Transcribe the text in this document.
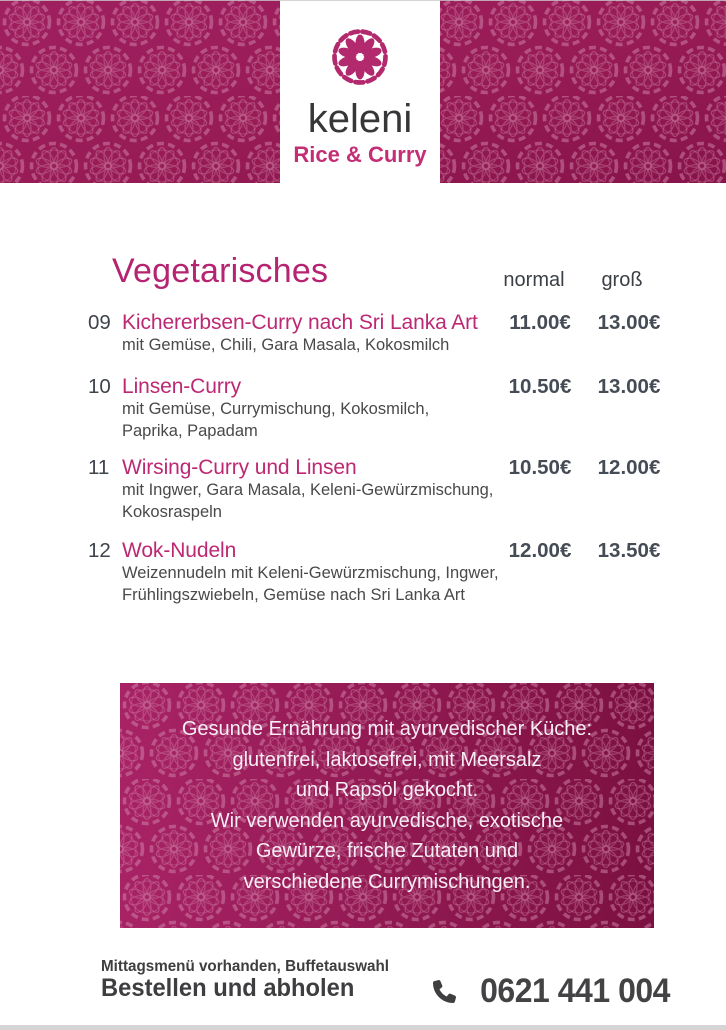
keleni
Rice & Curry
Vegetarisches	normal	groß
09 Kichererbsen-Curry nach Sri Lanka Art	11.00€	13.00€
mit Gemüse, Chili, Gara Masala, Kokosmilch
10 Linsen-Curry	10.50€	13.00€
mit Gemüse, Currymischung, Kokosmilch,
Paprika, Papadam
11 Wirsing-Curry und Linsen	10.50€	12.00€
mit Ingwer, Gara Masala, Keleni-Gewürzmischung,
Kokosraspeln
12 Wok-Nudeln	12.00€	13.50€
Weizennudeln mit Keleni-Gewürzmischung, Ingwer,
Frühlingszwiebeln, Gemüse nach Sri Lanka Art
Gesunde Ernährung mit ayurvedischer Küche:
glutenfrei, laktosefrei, mit Meersalz
und Rapsöl gekocht.
Wir verwenden ayurvedische, exotische
Gewürze, frische Zutaten und
verschiedene Currymischungen.
Mittagsmenü vorhanden, Buffetauswahl
Bestellen und abholen	0621 441 004
